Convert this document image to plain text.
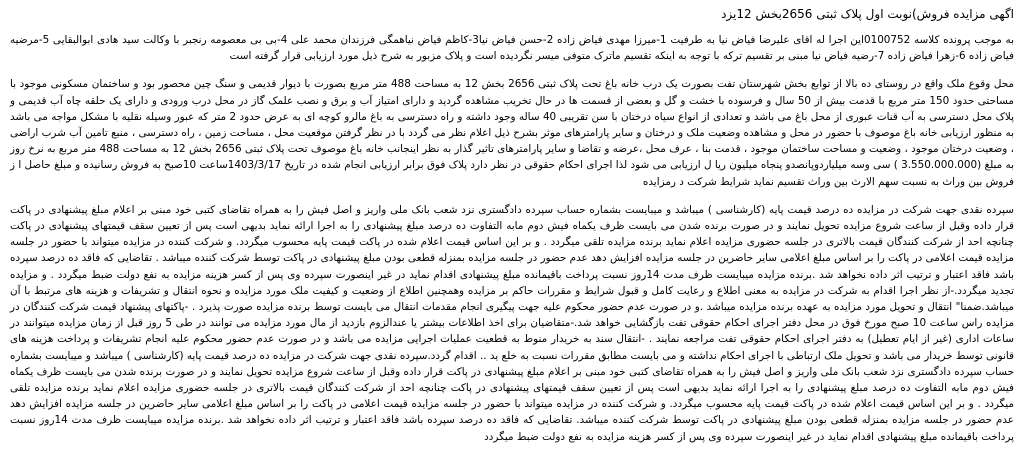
اگهی مزایده فروش)نوبت اول پلاک ثبتی 2656بخش 12یزد

به موجب پرونده کلاسه 0100752این اجرا له اقای علیرضا فیاض نیا به طرفیت 1-میرزا مهدی فیاض زاده 2-حسن فیاض نیا3-کاظم فیاض نیاهمگی فرزندان محمد علی 4-بی بی معصومه رنجبر با وکالت سید هادی ابوالبقایی 5-مرضیه فیاض زاده 6-زهرا فیاض زاده 7-رضیه فیاض نیا مبنی بر تقسیم ترکه با توجه به اینکه تقسیم ماترک متوفی میسر نگردیده است و پلاک مزبور به شرح ذیل مورد ارزیابی قرار گرفته است

محل وقوع ملک واقع در روستای ده بالا از توابع بخش شهرستان تفت بصورت یک درب خانه باغ تحت پلاک ثبتی 2656 بخش 12 به مساحت 488 متر مربع بصورت با دیوار قدیمی و سنگ چین محصور بود و ساختمان مسکونی موجود با مساحتی حدود 150 متر مربع با قدمت بیش از 50 سال و فرسوده با خشت و گل و بعضی از قسمت ها در حال تخریب مشاهده گردید و دارای امتیاز آب و برق و نصب علمک گاز در محل درب ورودی و دارای یک حلقه چاه آب قدیمی و پلاک محل دسترسی به آب قنات عبوری از محل باغ می باشد و تعدادی از انواع سیاه درختان با سن تقریبی 40 ساله وجود داشته و راه دسترسی به باغ مالرو کوچه ای به عرض حدود 2 متر که عبور وسیله نقلیه با مشکل مواجه می باشد به منظور ارزیابی خانه باغ موصوف با حضور در محل و مشاهده وضعیت ملک و درختان و سایر پارامترهای موثر بشرح ذیل اعلام نظر می گردد با در نظر گرفتن موقعیت محل ، مساحت زمین ، راه دسترسی ، منبع تامین آب شرب اراضی ، وضعیت درختان موجود ، وضعیت و مساحت ساختمان موجود ، قدمت بنا ، عرف محل ،عرضه و تقاضا و سایر پارامترهای تاثیر گذار به نظر اینجانب خانه باغ موصوف تحت پلاک ثبتی 2656 بخش 12 به مساحت 488 متر مربع به نرخ روز به مبلغ (3.550.000.000 ) سی وسه میلیاردوپانصدو پنجاه میلیون ریا ل ارزیابی می شود لذا اجرای احکام حقوقی در نظر دارد پلاک فوق برابر ارزیابی انجام شده در تاریخ 1403/3/17ساعت 10صبح به فروش رسانیده و مبلغ حاصل ا ز فروش بین وراث به نسبت سهم الارث بین وراث تقسیم نماید شرایط شرکت د رمزایده

سپرده نقدی جهت شرکت در مزایده ده درصد قیمت پایه (کارشناسی ) میباشد و میبایست بشماره حساب سپرده دادگستری نزد شعب بانک ملی واریز و اصل فیش را به همراه تقاضای کتبی خود مبنی بر اعلام مبلغ پیشنهادی در پاکت قرار داده وقبل از ساعت شروع مزایده تحویل نمایند و در صورت برنده شدن می بایست ظرف یکماه فیش دوم مابه التفاوت ده درصد مبلغ پیشنهادی را به اجرا ارائه نماید بدیهی است پس از تعیین سقف قیمتهای پیشنهادی در پاکت چنانچه احد از شرکت کنندگان قیمت بالاتری در جلسه حضوری مزایده اعلام نماید برنده مزایده تلقی میگردد . و بر این اساس قیمت اعلام شده در پاکت قیمت پایه محسوب میگردد. و شرکت کننده در مزایده میتواند با حضور در جلسه مزایده قیمت اعلامی در پاکت را بر اساس مبلغ اعلامی سایر حاضرین در جلسه مزایده افزایش دهد عدم حضور در جلسه مزایده بمنزله قطعی بودن مبلغ پیشنهادی در پاکت توسط شرکت کننده میباشد . تقاضایی که فاقد ده درصد سپرده باشد فاقد اعتبار و ترتیب اثر داده نخواهد شد .برنده مزایده میبایست ظرف مدت 14روز نسبت پرداخت باقیمانده مبلغ پیشنهادی اقدام نماید در غیر اینصورت سپرده وی پس از کسر هزینه مزایده به نفع دولت ضبط میگردد . و مزایده تجدید میگردد.-از نظر اجرا اقدام به شرکت در مزایده به معنی اطلاع و رعایت کامل و قبول شرایط و مقررات حاکم بر مزایده وهمچنین اطلاع از وضعیت و کیفیت ملک مورد مزایده و نحوه انتقال و تشریفات و هزینه های مرتبط با آن میباشد.ضمنا" انتقال و تحویل مورد مزایده به عهده برنده مزایده میباشد .و در صورت عدم حضور محکوم علیه جهت پیگیری انجام مقدمات انتقال می بایست توسط برنده مزایده صورت پذیرد . -پاکتهای پیشنهاد قیمت شرکت کنندگان در مزایده راس ساعت 10 صبح مورخ فوق در محل دفتر اجرای احکام حقوقی تفت بازگشایی خواهد شد.-متقاضیان برای اخذ اطلاعات بیشتر یا عندالزوم بازدید از مال مورد مزایده می توانند در طی 5 روز قبل از زمان مزایده میتوانند در ساعات اداری (غیر از ایام تعطیل) به دفتر اجرای احکام حقوقی تفت مراجعه نمایند . -انتقال سند به خریدار منوط به قطعیت عملیات اجرایی مزایده می باشد و در صورت عدم حضور محکوم علیه انجام تشریفات و پرداخت هزینه های قانونی توسط خریدار می باشد و تحویل ملک ارتباطی با اجرای احکام نداشته و می بایست مطابق مقررات نسبت به خلع ید .. اقدام گردد.سپرده نقدی جهت شرکت در مزایده ده درصد قیمت پایه (کارشناسی ) میباشد و میبایست بشماره حساب سپرده دادگستری نزد شعب بانک ملی واریز و اصل فیش را به همراه تقاضای کتبی خود مبنی بر اعلام مبلغ پیشنهادی در پاکت قرار داده وقبل از ساعت شروع مزایده تحویل نمایند و در صورت برنده شدن می بایست ظرف یکماه فیش دوم مابه التفاوت ده درصد مبلغ پیشنهادی را به اجرا ارائه نماید بدیهی است پس از تعیین سقف قیمتهای پیشنهادی در پاکت چنانچه احد از شرکت کنندگان قیمت بالاتری در جلسه حضوری مزایده اعلام نماید برنده مزایده تلقی میگردد . و بر این اساس قیمت اعلام شده در پاکت قیمت پایه محسوب میگردد. و شرکت کننده در مزایده میتواند با حضور در جلسه مزایده قیمت اعلامی در پاکت را بر اساس مبلغ اعلامی سایر حاضرین در جلسه مزایده افزایش دهد عدم حضور در جلسه مزایده بمنزله قطعی بودن مبلغ پیشنهادی در پاکت توسط شرکت کننده میباشد. تقاضایی که فاقد ده درصد سپرده باشد فاقد اعتبار و ترتیب اثر داده نخواهد شد .برنده مزایده میبایست ظرف مدت 14روز نسبت پرداخت باقیمانده مبلغ پیشنهادی اقدام نماید در غیر اینصورت سپرده وی پس از کسر هزینه مزایده به نفع دولت ضبط میگردد
